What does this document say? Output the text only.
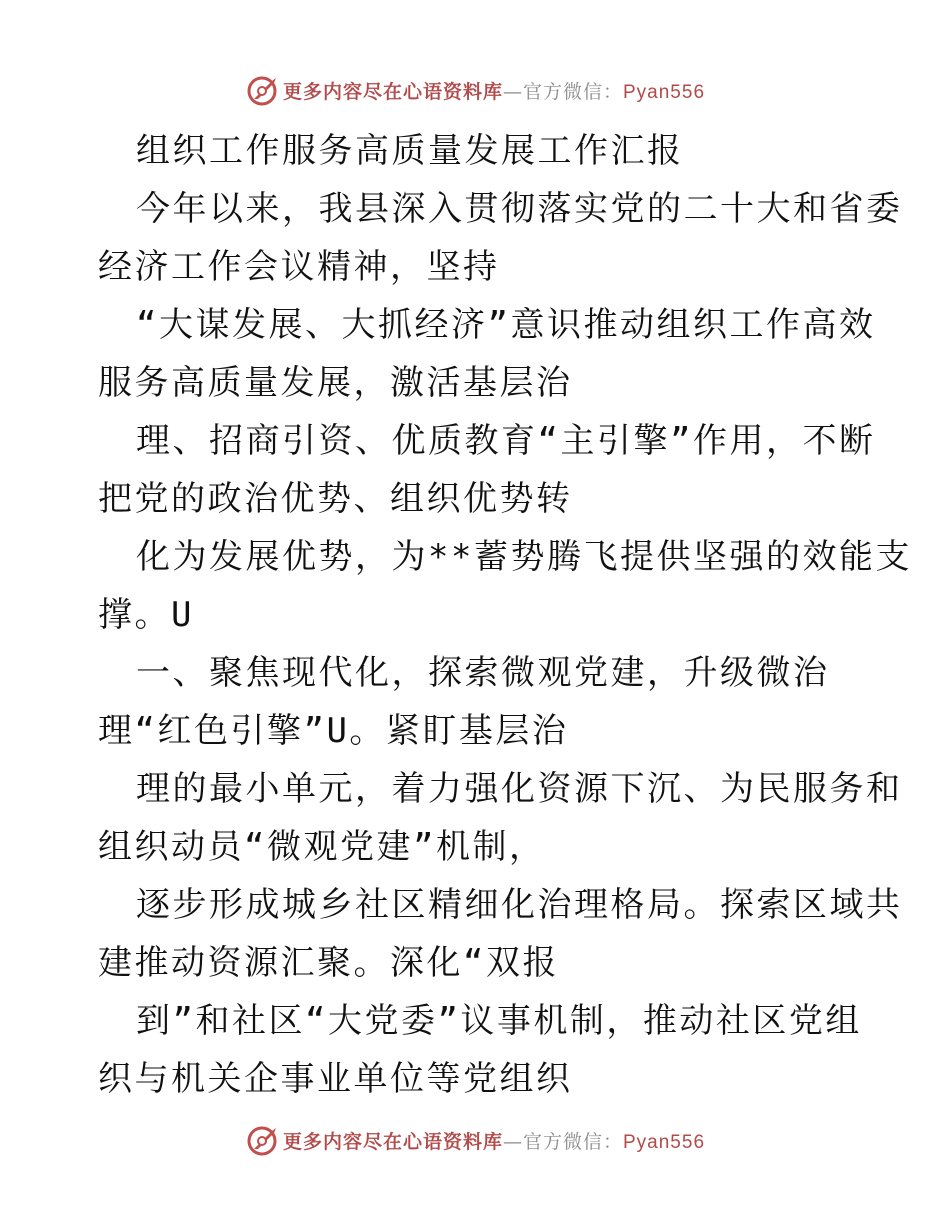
更多内容尽在心语资料库—官方微信：Pyan556
组织工作服务高质量发展工作汇报
今年以来，我县深入贯彻落实党的二十大和省委
经济工作会议精神，坚持
“大谋发展、大抓经济”意识推动组织工作高效
服务高质量发展，激活基层治
理、招商引资、优质教育“主引擎”作用，不断
把党的政治优势、组织优势转
化为发展优势，为**蓄势腾飞提供坚强的效能支
撑。U
一、聚焦现代化，探索微观党建，升级微治
理“红色引擎”U。紧盯基层治
理的最小单元，着力强化资源下沉、为民服务和
组织动员“微观党建”机制，
逐步形成城乡社区精细化治理格局。探索区域共
建推动资源汇聚。深化“双报
到”和社区“大党委”议事机制，推动社区党组
织与机关企事业单位等党组织
更多内容尽在心语资料库—官方微信：Pyan556
